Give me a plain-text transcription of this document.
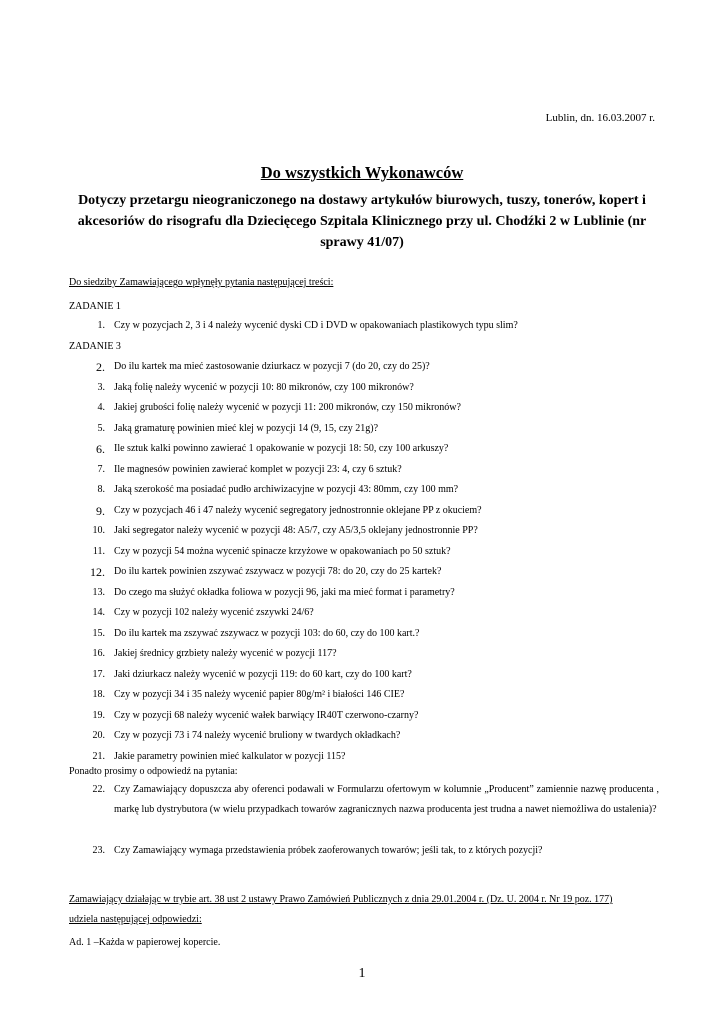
Lublin, dn. 16.03.2007 r.
Do wszystkich Wykonawców
Dotyczy przetargu nieograniczonego na dostawy artykułów biurowych, tuszy, tonerów, kopert i akcesoriów do risografu dla Dziecięcego Szpitala Klinicznego przy ul. Chodźki 2 w Lublinie (nr sprawy 41/07)
Do siedziby Zamawiającego wpłynęły pytania następującej treści:
ZADANIE 1
1. Czy w pozycjach 2, 3 i 4 należy wycenić dyski CD i DVD w opakowaniach plastikowych typu slim?
ZADANIE 3
2. Do ilu kartek ma mieć zastosowanie dziurkacz w pozycji 7 (do 20, czy do 25)?
3. Jaką folię należy wycenić w pozycji 10: 80 mikronów, czy 100 mikronów?
4. Jakiej grubości folię należy wycenić w pozycji 11: 200 mikronów, czy 150 mikronów?
5. Jaką gramaturę powinien mieć klej w pozycji 14 (9, 15, czy 21g)?
6. Ile sztuk kalki powinno zawierać 1 opakowanie w pozycji 18: 50, czy 100 arkuszy?
7. Ile magnesów powinien zawierać komplet w pozycji 23: 4, czy 6 sztuk?
8. Jaką szerokość ma posiadać pudło archiwizacyjne w pozycji 43: 80mm, czy 100 mm?
9. Czy w pozycjach 46 i 47 należy wycenić segregatory jednostronnie oklejane PP z okuciem?
10. Jaki segregator należy wycenić w pozycji 48: A5/7, czy A5/3,5 oklejany jednostronnie PP?
11. Czy w pozycji 54 można wycenić spinacze krzyżowe w opakowaniach po 50 sztuk?
12. Do ilu kartek powinien zszywać zszywacz w pozycji 78: do 20, czy do 25 kartek?
13. Do czego ma służyć okładka foliowa w pozycji 96, jaki ma mieć format i parametry?
14. Czy w pozycji 102 należy wycenić zszywki 24/6?
15. Do ilu kartek ma zszywać zszywacz w pozycji 103: do 60, czy do 100 kart.?
16. Jakiej średnicy grzbiety należy wycenić w pozycji 117?
17. Jaki dziurkacz należy wycenić w pozycji 119: do 60 kart, czy do 100 kart?
18. Czy w pozycji 34 i 35 należy wycenić papier 80g/m² i białości 146 CIE?
19. Czy w pozycji 68 należy wycenić wałek barwiący IR40T czerwono-czarny?
20. Czy w pozycji 73 i 74 należy wycenić bruliony w twardych okładkach?
21. Jakie parametry powinien mieć kalkulator w pozycji 115?
Ponadto prosimy o odpowiedź na pytania:
22. Czy Zamawiający dopuszcza aby oferenci podawali w Formularzu ofertowym w kolumnie „Producent” zamiennie nazwę producenta , markę lub dystrybutora (w wielu przypadkach towarów zagranicznych nazwa producenta jest trudna a nawet niemożliwa do ustalenia)?
23. Czy Zamawiający wymaga przedstawienia próbek zaoferowanych towarów; jeśli tak, to z których pozycji?
Zamawiający działając w trybie art. 38 ust 2 ustawy Prawo Zamówień Publicznych z dnia 29.01.2004 r. (Dz. U. 2004 r. Nr 19 poz. 177) udziela następującej odpowiedzi:
Ad. 1 –Każda w papierowej kopercie.
1
